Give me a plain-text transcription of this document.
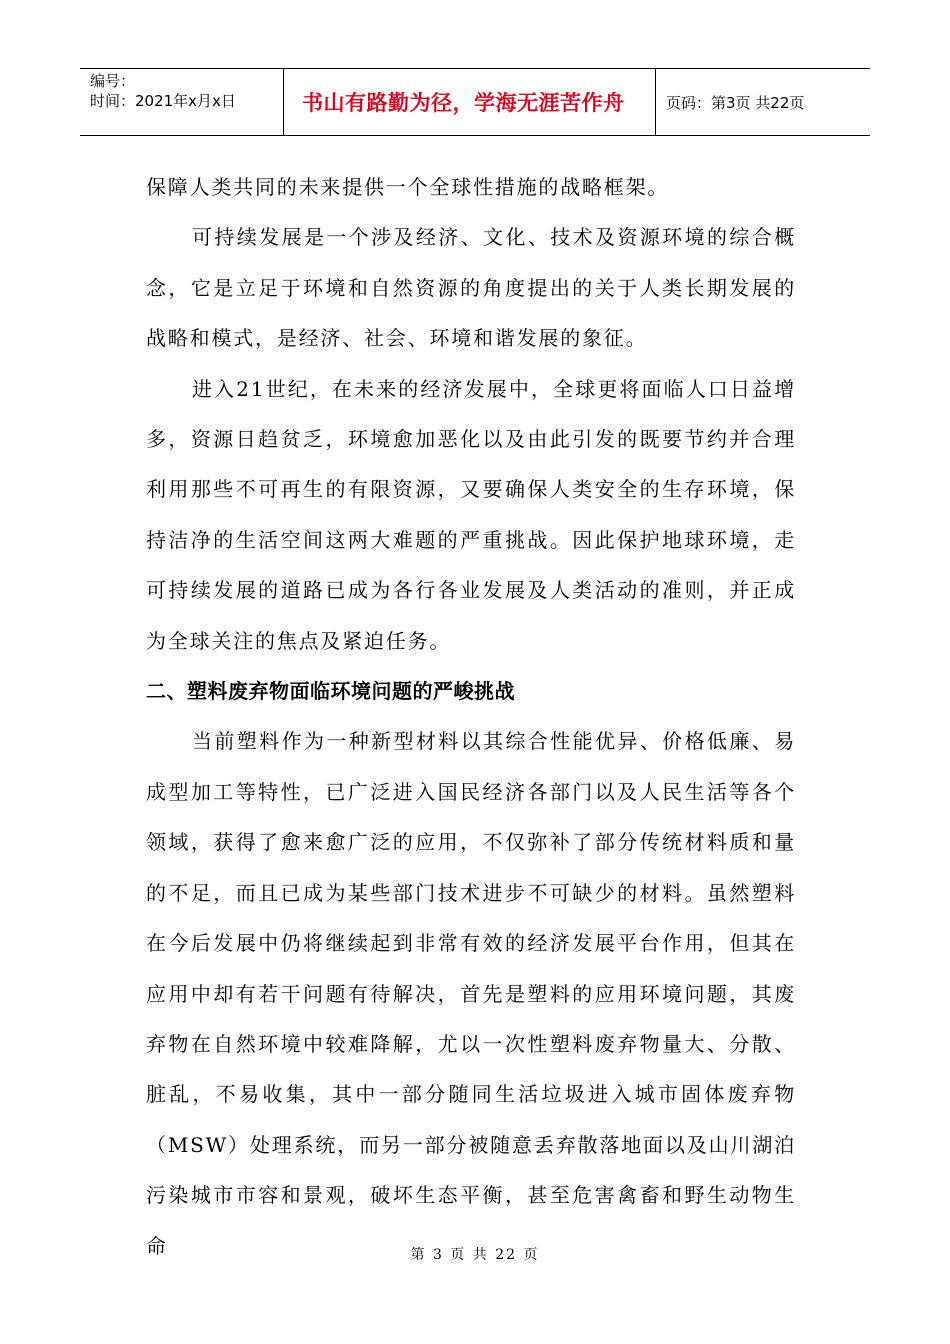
编号：
时间：2021年x月x日	书山有路勤为径，学海无涯苦作舟	页码：第3页 共22页

保障人类共同的未来提供一个全球性措施的战略框架。

可持续发展是一个涉及经济、文化、技术及资源环境的综合概念，它是立足于环境和自然资源的角度提出的关于人类长期发展的战略和模式，是经济、社会、环境和谐发展的象征。

进入21世纪，在未来的经济发展中，全球更将面临人口日益增多，资源日趋贫乏，环境愈加恶化以及由此引发的既要节约并合理利用那些不可再生的有限资源，又要确保人类安全的生存环境，保持洁净的生活空间这两大难题的严重挑战。因此保护地球环境，走可持续发展的道路已成为各行各业发展及人类活动的准则，并正成为全球关注的焦点及紧迫任务。

二、塑料废弃物面临环境问题的严峻挑战

当前塑料作为一种新型材料以其综合性能优异、价格低廉、易成型加工等特性，已广泛进入国民经济各部门以及人民生活等各个领域，获得了愈来愈广泛的应用，不仅弥补了部分传统材料质和量的不足，而且已成为某些部门技术进步不可缺少的材料。虽然塑料在今后发展中仍将继续起到非常有效的经济发展平台作用，但其在应用中却有若干问题有待解决，首先是塑料的应用环境问题，其废弃物在自然环境中较难降解，尤以一次性塑料废弃物量大、分散、脏乱，不易收集，其中一部分随同生活垃圾进入城市固体废弃物（MSW）处理系统，而另一部分被随意丢弃散落地面以及山川湖泊污染城市市容和景观，破坏生态平衡，甚至危害禽畜和野生动物生命	第 3 页 共 22 页
